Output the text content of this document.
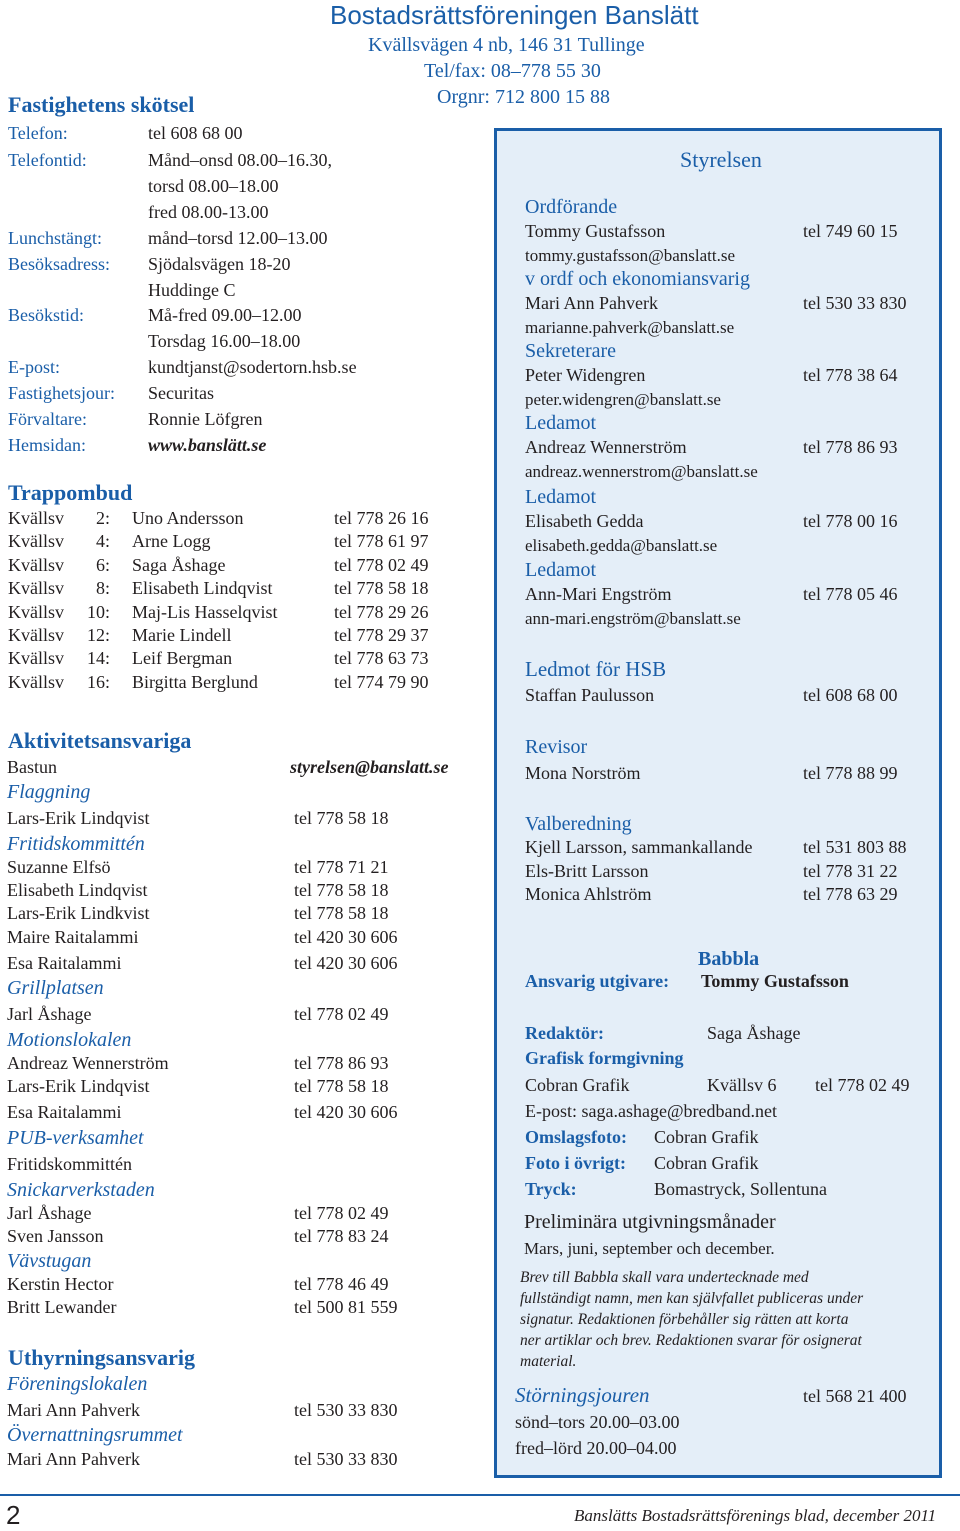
Bostadsrättsföreningen Banslätt
Kvällsvägen 4 nb, 146 31 Tullinge
Tel/fax: 08–778 55 30
Orgnr: 712 800 15 88
Fastighetens skötsel
Trappombud
Aktivitetsansvariga
Uthyrningsansvarig
Styrelsen
Babbla
Ansvarig utgivare: Tommy Gustafsson
Redaktör:	Saga Åshage
Grafisk formgivning
Cobran Grafik	Kvällsv 6 tel 778 02 49
E-post: saga.ashage@bredband.net
Omslagsfoto: Cobran Grafik
Foto i övrigt: Cobran Grafik
Tryck:	Bomastryck, Sollentuna
Preliminära utgivningsmånader
Mars, juni, september och december.
Störningsjouren	tel 568 21 400
sönd–tors 20.00–03.00
fred–lörd 20.00–04.00
2	Banslätts Bostadsrättsförenings blad, december 2011
Telefon:	tel 608 68 00
Telefontid:	Månd–onsd 08.00–16.30,
torsd 08.00–18.00
fred 08.00-13.00
Lunchstängt:	månd–torsd 12.00–13.00
Besöksadress: Sjödalsvägen 18-20
Huddinge C
Besökstid:	Må-fred 09.00–12.00
Torsdag 16.00–18.00
E-post:	kundtjanst@sodertorn.hsb.se
Fastighetsjour: Securitas
Förvaltare:	Ronnie Löfgren
Hemsidan:	www.banslätt.se
Kvällsv	2: Uno Andersson	tel 778 26 16
Kvällsv	4: Arne Logg	tel 778 61 97
Kvällsv	6: Saga Åshage	tel 778 02 49
Kvällsv	8: Elisabeth Lindqvist	tel 778 58 18
Kvällsv	10: Maj-Lis Hasselqvist	tel 778 29 26
Kvällsv	12: Marie Lindell	tel 778 29 37
Kvällsv	14: Leif Bergman	tel 778 63 73
Kvällsv	16: Birgitta Berglund	tel 774 79 90
Bastun	styrelsen@banslatt.se
Flaggning
Lars-Erik Lindqvist	tel 778 58 18
Fritidskommittén
Suzanne Elfsö	tel 778 71 21
Elisabeth Lindqvist	tel 778 58 18
Lars-Erik Lindkvist	tel 778 58 18
Maire Raitalammi	tel 420 30 606
Esa Raitalammi	tel 420 30 606
Grillplatsen
Jarl Åshage	tel 778 02 49
Motionslokalen
Andreaz Wennerström	tel 778 86 93
Lars-Erik Lindqvist	tel 778 58 18
Esa Raitalammi	tel 420 30 606
PUB-verksamhet
Fritidskommittén
Snickarverkstaden
Jarl Åshage	tel 778 02 49
Sven Jansson	tel 778 83 24
Vävstugan
Kerstin Hector	tel 778 46 49
Britt Lewander	tel 500 81 559
Föreningslokalen
Mari Ann Pahverk	tel 530 33 830
Övernattningsrummet
Mari Ann Pahverk	tel 530 33 830
Ordförande
Tommy Gustafsson	tel 749 60 15
tommy.gustafsson@banslatt.se
v ordf och ekonomiansvarig
Mari Ann Pahverk	tel 530 33 830
marianne.pahverk@banslatt.se
Sekreterare
Peter Widengren	tel 778 38 64
peter.widengren@banslatt.se
Ledamot
Andreaz Wennerström	tel 778 86 93
andreaz.wennerstrom@banslatt.se
Ledamot
Elisabeth Gedda	tel 778 00 16
elisabeth.gedda@banslatt.se
Ledamot
Ann-Mari Engström	tel 778 05 46
ann-mari.engström@banslatt.se
Ledmot för HSB
Staffan Paulusson	tel 608 68 00
Revisor
Mona Norström	tel 778 88 99
Valberedning
Kjell Larsson, sammankallande	tel 531 803 88
Els-Britt Larsson	tel 778 31 22
Monica Ahlström	tel 778 63 29
Brev till Babbla skall vara undertecknade med
fullständigt namn, men kan självfallet publiceras under
signatur. Redaktionen förbehåller sig rätten att korta
ner artiklar och brev. Redaktionen svarar för osignerat
material.
